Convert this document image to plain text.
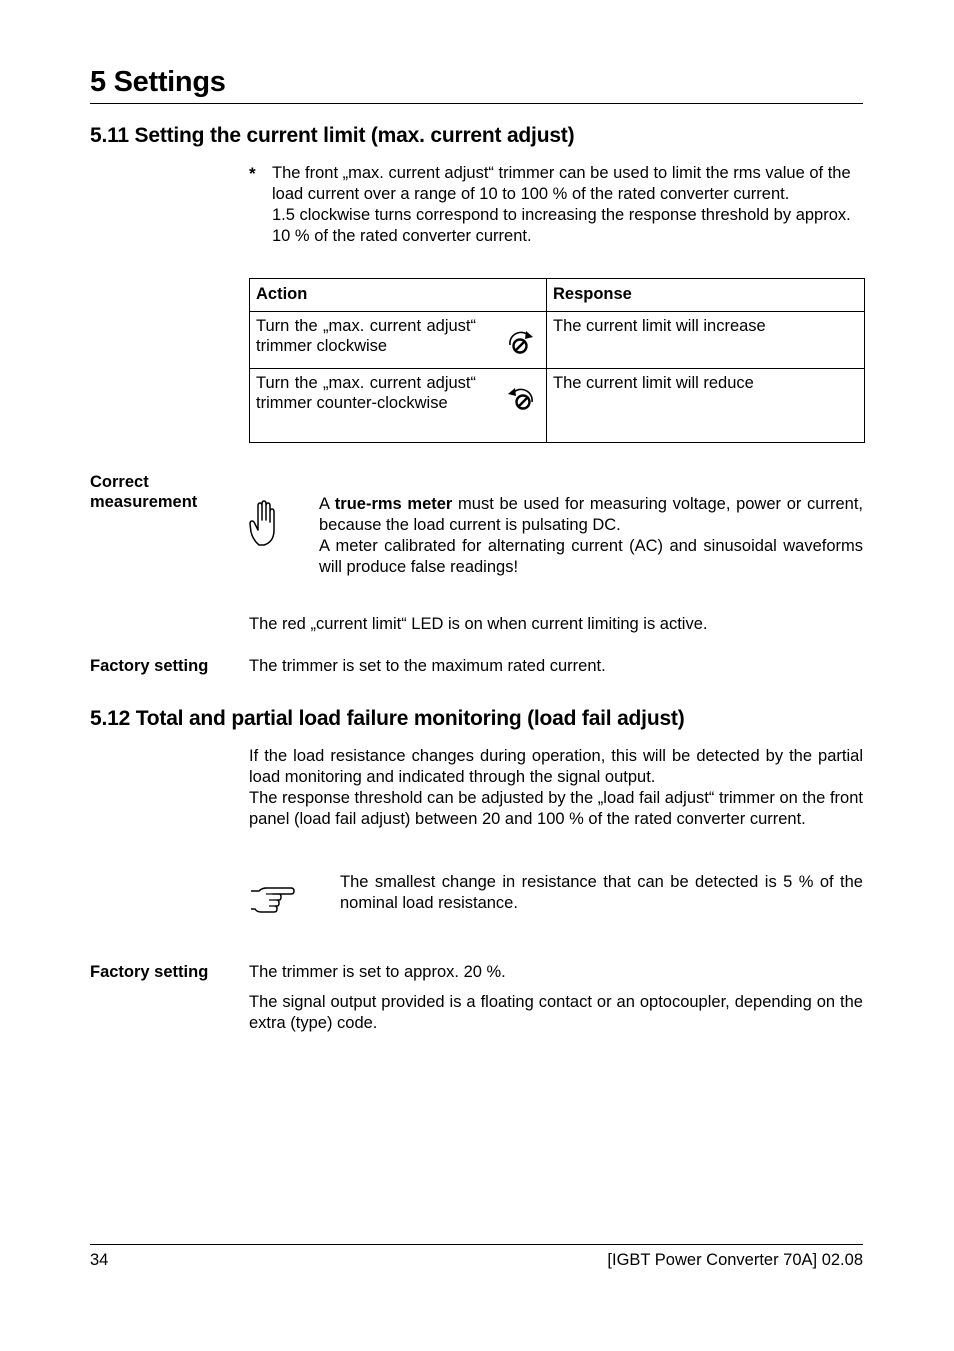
5 Settings
5.11 Setting the current limit (max. current adjust)
* The front „max. current adjust“ trimmer can be used to limit the rms value of the load current over a range of 10 to 100 % of the rated converter current.
1.5 clockwise turns correspond to increasing the response threshold by approx. 10 % of the rated converter current.
Action	Response

Turn the „max. current adjust“ trimmer clockwise	The current limit will increase

Turn the „max. current adjust“ trimmer counter-clockwise	The current limit will reduce
Correct measurement	A true-rms meter must be used for measuring voltage, power or current, because the load current is pulsating DC.
A meter calibrated for alternating current (AC) and sinusoidal waveforms will produce false readings!
The red „current limit“ LED is on when current limiting is active.
Factory setting The trimmer is set to the maximum rated current.
5.12 Total and partial load failure monitoring (load fail adjust)
If the load resistance changes during operation, this will be detected by the partial load monitoring and indicated through the signal output.
The response threshold can be adjusted by the „load fail adjust“ trimmer on the front panel (load fail adjust) between 20 and 100 % of the rated converter current.
The smallest change in resistance that can be detected is 5 % of the nominal load resistance.
Factory setting The trimmer is set to approx. 20 %.
The signal output provided is a floating contact or an optocoupler, depending on the extra (type) code.
34	[IGBT Power Converter 70A] 02.08
